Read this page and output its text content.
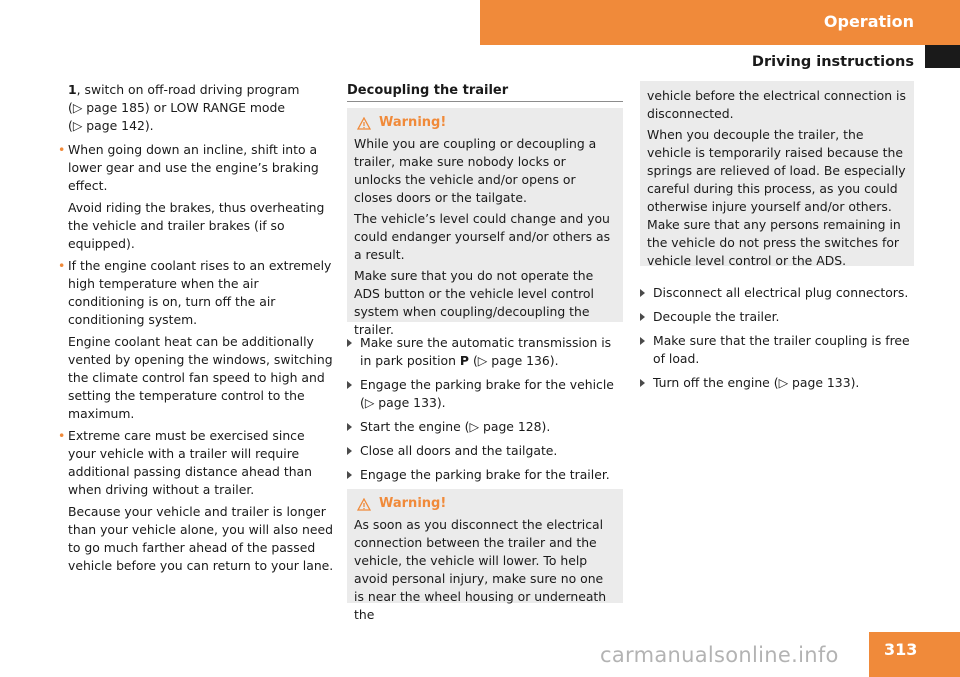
Operation
Driving instructions

1, switch on off-road driving program

(▷ page 185) or LOW RANGE mode

(▷ page 142).

• When going down an incline, shift into a lower gear and use the engine’s braking effect.

Avoid riding the brakes, thus overheating the vehicle and trailer brakes (if so equipped).

• If the engine coolant rises to an extremely high temperature when the air conditioning is on, turn off the air conditioning system.

Engine coolant heat can be additionally vented by opening the windows, switching the climate control fan speed to high and setting the temperature control to the maximum.

• Extreme care must be exercised since your vehicle with a trailer will require additional passing distance ahead than when driving without a trailer.

Because your vehicle and trailer is longer than your vehicle alone, you will also need to go much farther ahead of the passed vehicle before you can return to your lane.

Decoupling the trailer
Warning!

While you are coupling or decoupling a trailer, make sure nobody locks or unlocks the vehicle and/or opens or closes doors or the tailgate.

The vehicle’s level could change and you could endanger yourself and/or others as a result.

Make sure that you do not operate the ADS button or the vehicle level control system when coupling/decoupling the trailer.

Make sure the automatic transmission is in park position P (▷ page 136).
Engage the parking brake for the vehicle (▷ page 133).
Start the engine (▷ page 128).
Close all doors and the tailgate.
Engage the parking brake for the trailer.
Warning!

As soon as you disconnect the electrical connection between the trailer and the vehicle, the vehicle will lower. To help avoid personal injury, make sure no one is near the wheel housing or underneath the

vehicle before the electrical connection is disconnected.

When you decouple the trailer, the vehicle is temporarily raised because the springs are relieved of load. Be especially careful during this process, as you could otherwise injure yourself and/or others. Make sure that any persons remaining in the vehicle do not press the switches for vehicle level control or the ADS.

Disconnect all electrical plug connectors.
Decouple the trailer.
Make sure that the trailer coupling is free of load.
Turn off the engine (▷ page 133).
carmanualsonline.info	313
